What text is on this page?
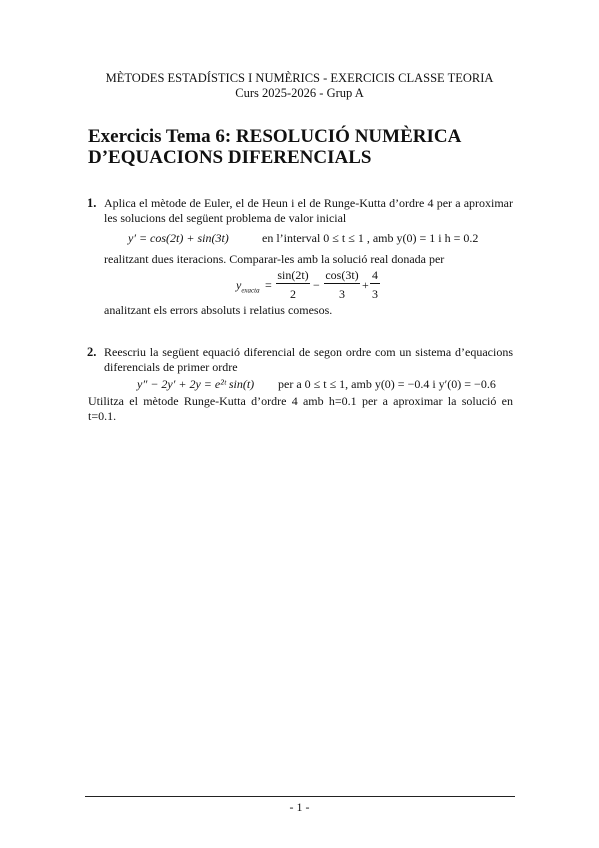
MÈTODES ESTADÍSTICS I NUMÈRICS - EXERCICIS CLASSE TEORIA
Curs 2025-2026 - Grup A
Exercicis Tema 6: RESOLUCIÓ NUMÈRICA
D’EQUACIONS DIFERENCIALS
1. Aplica el mètode de Euler, el de Heun i el de Runge-Kutta d’ordre 4 per a aproximar
les solucions del següent problema de valor inicial
y′ = cos(2t) + sin(3t)	en l’interval 0 ≤ t ≤ 1 , amb y(0) = 1 i h = 0.2
realitzant dues iteracions. Comparar-les amb la solució real donada per
$y_{exacta}$ =
sin(2t)
2
−
cos(3t)
3
+
4
3
analitzant els errors absoluts i relatius comesos.
2. Reescriu la següent equació diferencial de segon ordre com un sistema d’equacions
diferencials de primer ordre
y″ − 2y′ + 2y = e²ᵗ sin(t) per a 0 ≤ t ≤ 1, amb y(0) = −0.4 i y′(0) = −0.6
Utilitza el mètode Runge-Kutta d’ordre 4 amb h=0.1 per a aproximar la solució en
t=0.1.
- 1 -
